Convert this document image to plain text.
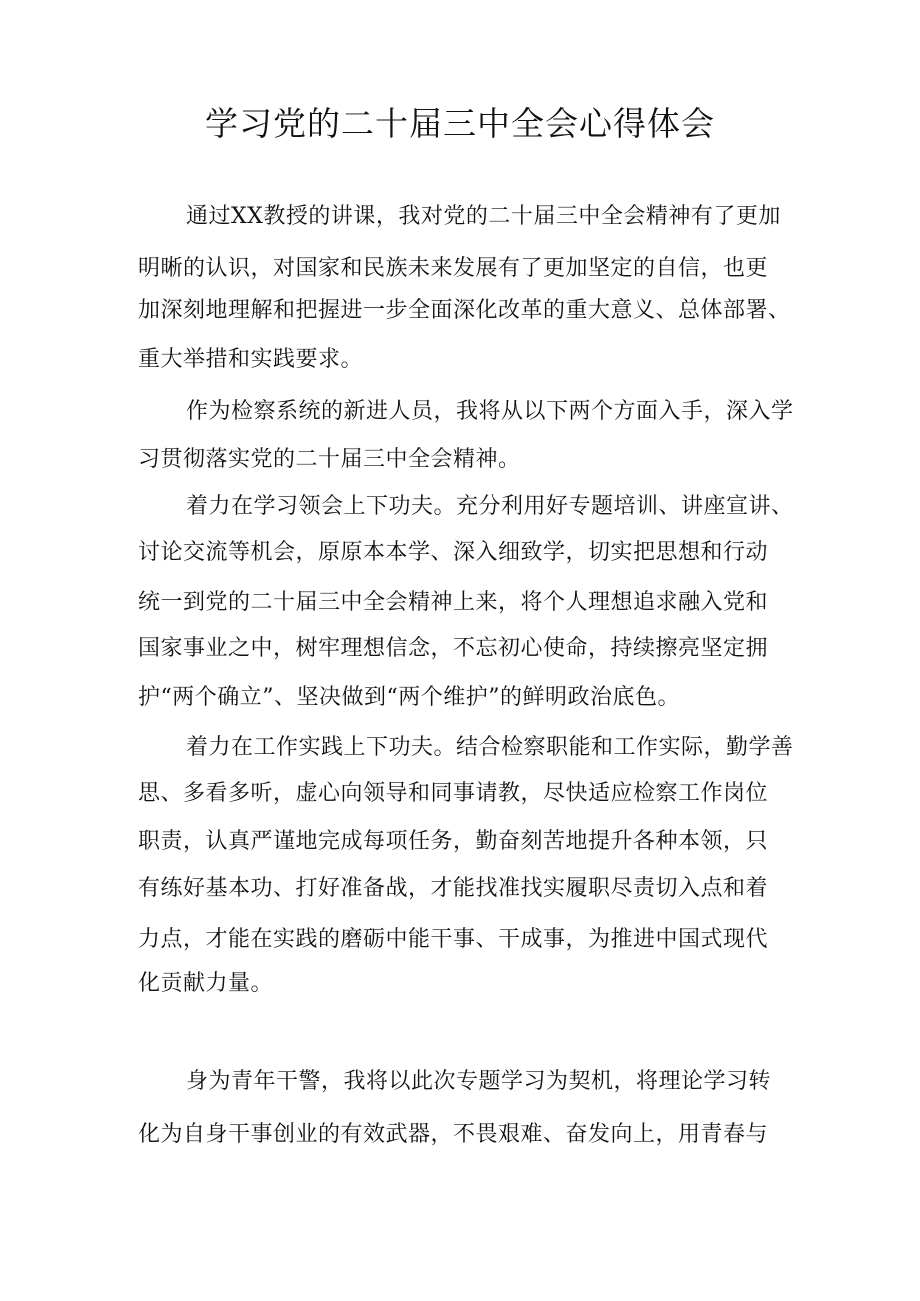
学习党的二十届三中全会心得体会
通过XX教授的讲课，我对党的二十届三中全会精神有了更加
明晰的认识，对国家和民族未来发展有了更加坚定的自信，也更
加深刻地理解和把握进一步全面深化改革的重大意义、总体部署、
重大举措和实践要求。
作为检察系统的新进人员，我将从以下两个方面入手，深入学
习贯彻落实党的二十届三中全会精神。
着力在学习领会上下功夫。充分利用好专题培训、讲座宣讲、
讨论交流等机会，原原本本学、深入细致学，切实把思想和行动
统一到党的二十届三中全会精神上来，将个人理想追求融入党和
国家事业之中，树牢理想信念，不忘初心使命，持续擦亮坚定拥
护“两个确立”、坚决做到“两个维护”的鲜明政治底色。
着力在工作实践上下功夫。结合检察职能和工作实际，勤学善
思、多看多听，虚心向领导和同事请教，尽快适应检察工作岗位
职责，认真严谨地完成每项任务，勤奋刻苦地提升各种本领，只
有练好基本功、打好准备战，才能找准找实履职尽责切入点和着
力点，才能在实践的磨砺中能干事、干成事，为推进中国式现代
化贡献力量。
身为青年干警，我将以此次专题学习为契机，将理论学习转
化为自身干事创业的有效武器，不畏艰难、奋发向上，用青春与
